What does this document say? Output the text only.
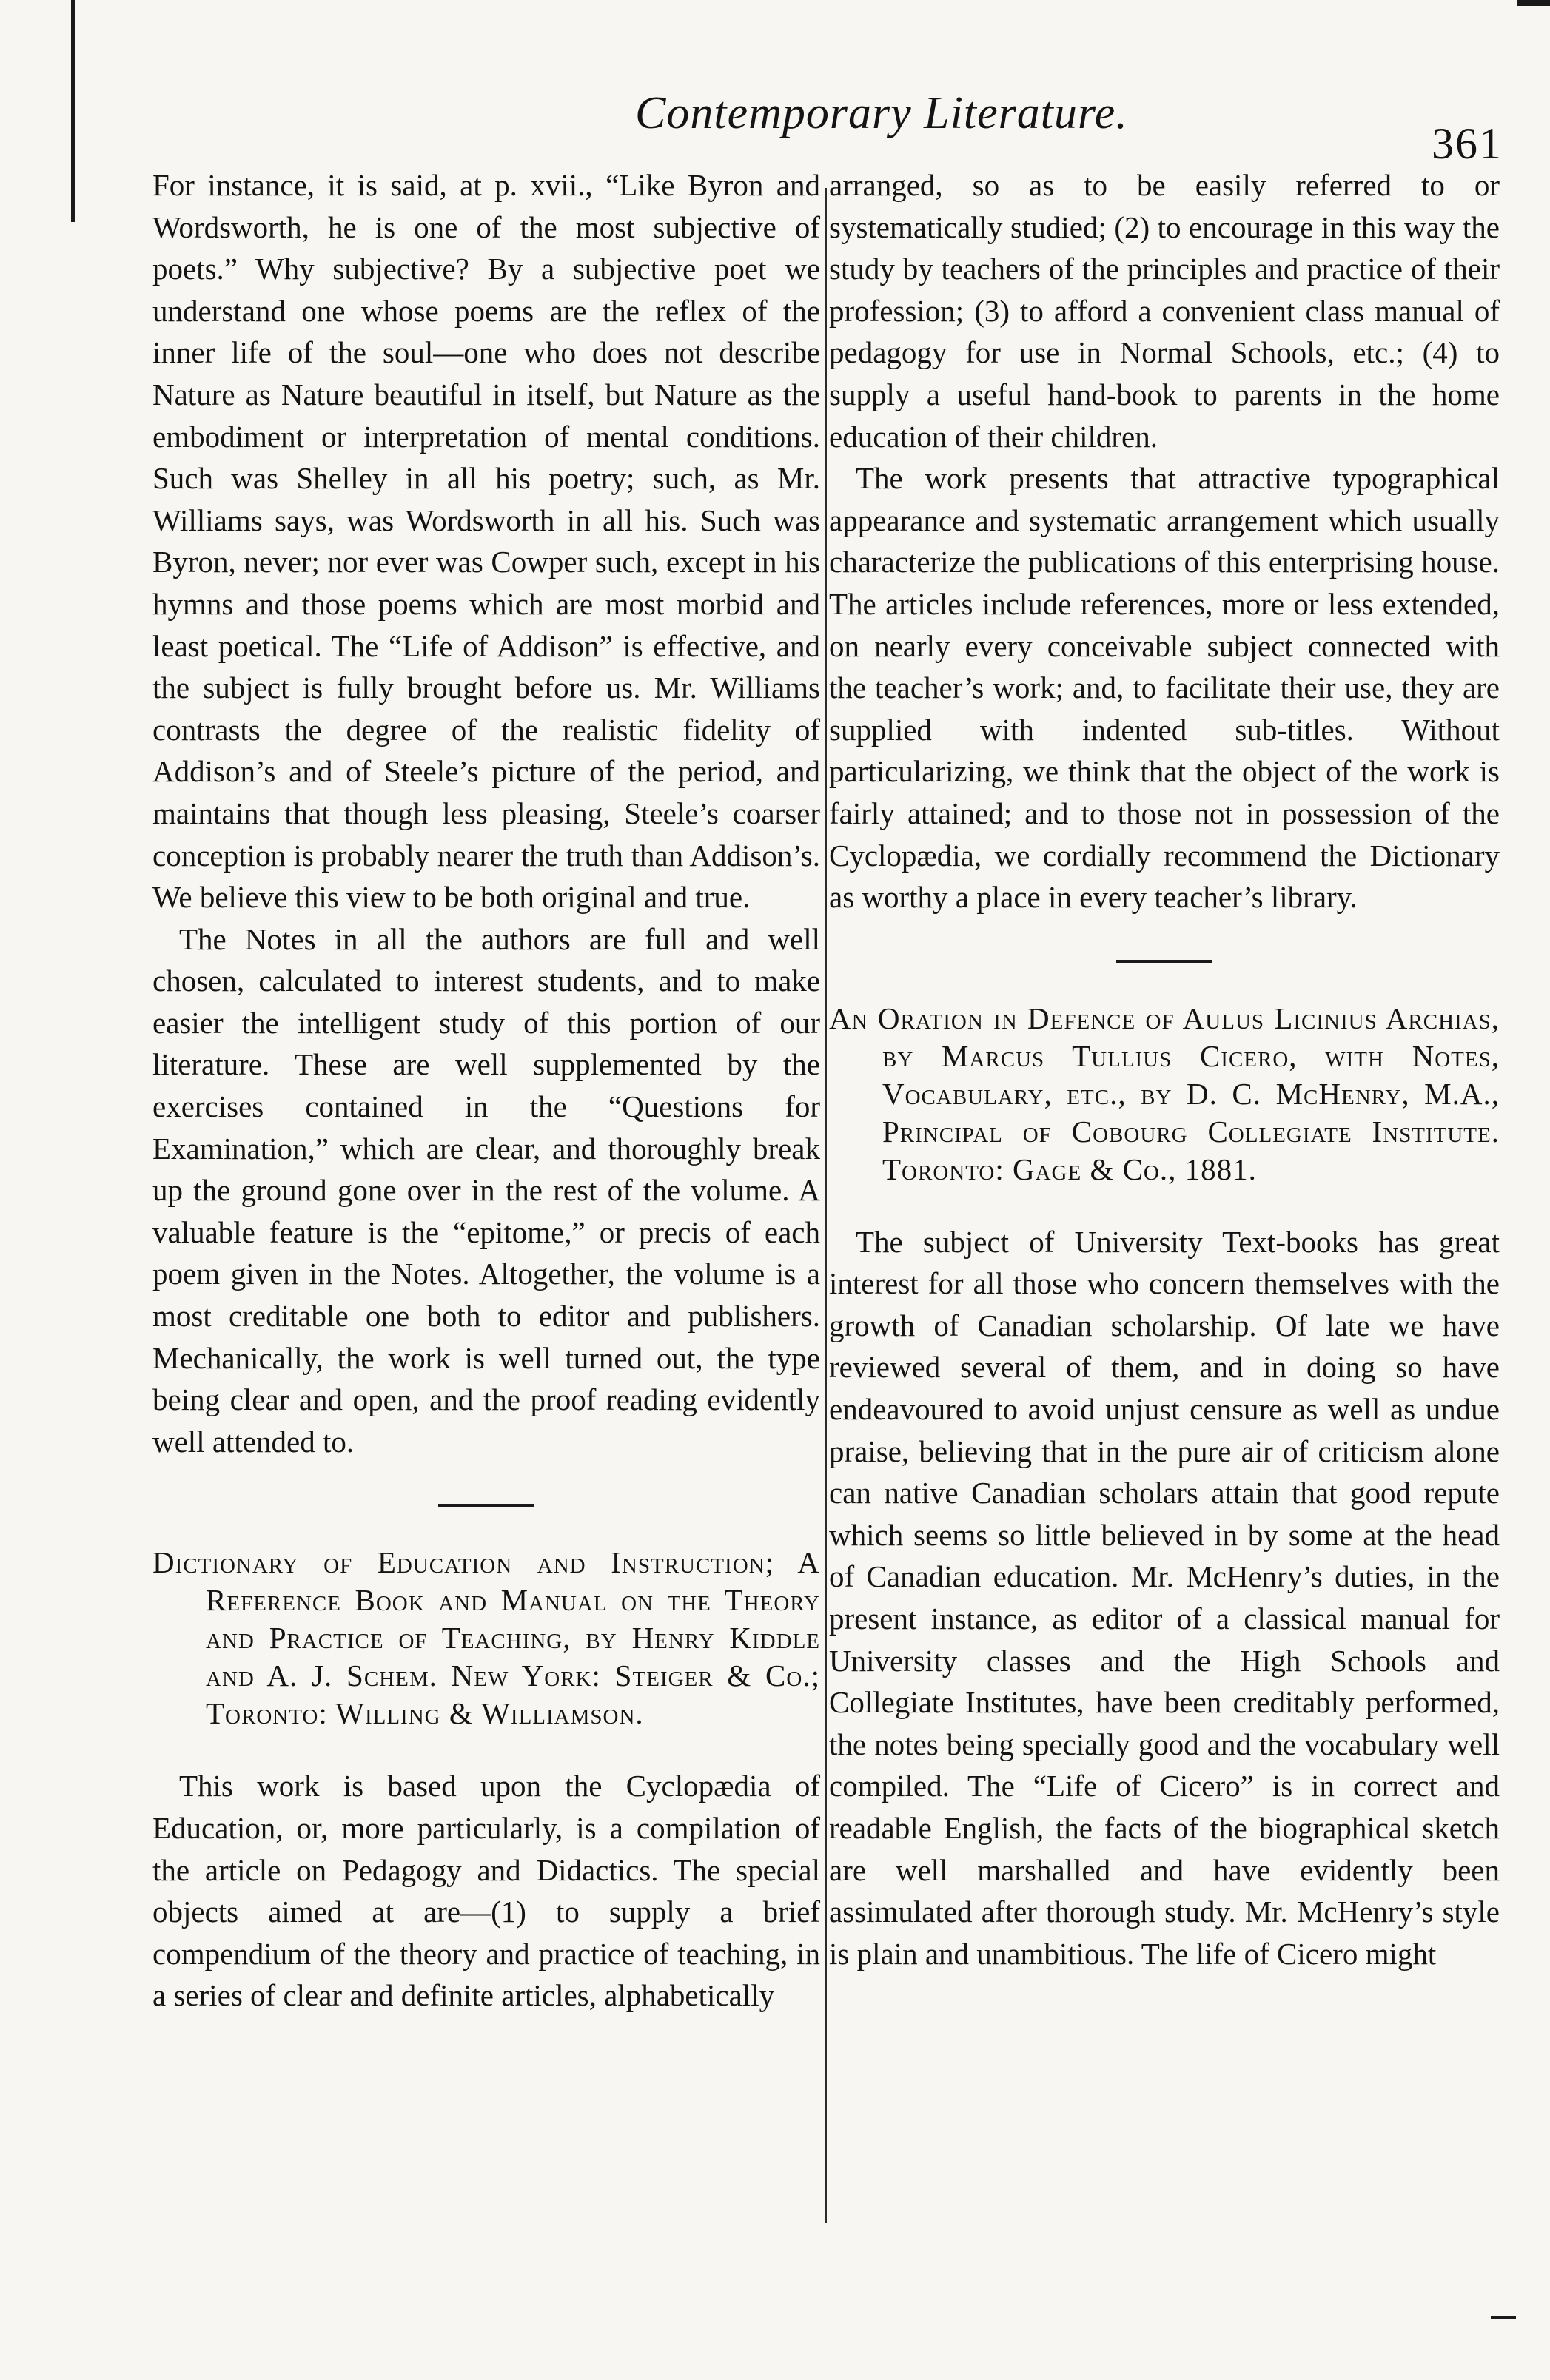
Contemporary Literature.
361

For instance, it is said, at p. xvii., “Like Byron and Wordsworth, he is one of the most subjective of poets.” Why subjective? By a subjective poet we understand one whose poems are the reflex of the inner life of the soul—one who does not describe Nature as Nature beautiful in itself, but Nature as the embodiment or interpretation of mental conditions. Such was Shelley in all his poetry; such, as Mr. Williams says, was Wordsworth in all his. Such was Byron, never; nor ever was Cowper such, except in his hymns and those poems which are most morbid and least poetical. The “Life of Addison” is effective, and the subject is fully brought before us. Mr. Williams contrasts the degree of the realistic fidelity of Addison’s and of Steele’s picture of the period, and maintains that though less pleasing, Steele’s coarser conception is probably nearer the truth than Addison’s. We believe this view to be both original and true.

The Notes in all the authors are full and well chosen, calculated to interest students, and to make easier the intelligent study of this portion of our literature. These are well supplemented by the exercises contained in the “Questions for Examination,” which are clear, and thoroughly break up the ground gone over in the rest of the volume. A valuable feature is the “epitome,” or precis of each poem given in the Notes. Altogether, the volume is a most creditable one both to editor and publishers. Mechanically, the work is well turned out, the type being clear and open, and the proof reading evidently well attended to.

Dictionary of Education and Instruction; A Reference Book and Manual on the Theory and Practice of Teaching, by Henry Kiddle and A. J. Schem. New York: Steiger & Co.; Toronto: Willing & Williamson.

This work is based upon the Cyclopædia of Education, or, more particularly, is a compilation of the article on Pedagogy and Didactics. The special objects aimed at are—(1) to supply a brief compendium of the theory and practice of teaching, in a series of clear and definite articles, alphabetically

arranged, so as to be easily referred to or systematically studied; (2) to encourage in this way the study by teachers of the principles and practice of their profession; (3) to afford a convenient class manual of pedagogy for use in Normal Schools, etc.; (4) to supply a useful hand-book to parents in the home education of their children.

The work presents that attractive typographical appearance and systematic arrangement which usually characterize the publications of this enterprising house. The articles include references, more or less extended, on nearly every conceivable subject connected with the teacher’s work; and, to facilitate their use, they are supplied with indented sub-titles. Without particularizing, we think that the object of the work is fairly attained; and to those not in possession of the Cyclopædia, we cordially recommend the Dictionary as worthy a place in every teacher’s library.

An Oration in Defence of Aulus Licinius Archias, by Marcus Tullius Cicero, with Notes, Vocabulary, etc., by D. C. McHenry, M.A., Principal of Cobourg Collegiate Institute. Toronto: Gage & Co., 1881.

The subject of University Text-books has great interest for all those who concern themselves with the growth of Canadian scholarship. Of late we have reviewed several of them, and in doing so have endeavoured to avoid unjust censure as well as undue praise, believing that in the pure air of criticism alone can native Canadian scholars attain that good repute which seems so little believed in by some at the head of Canadian education. Mr. McHenry’s duties, in the present instance, as editor of a classical manual for University classes and the High Schools and Collegiate Institutes, have been creditably performed, the notes being specially good and the vocabulary well compiled. The “Life of Cicero” is in correct and readable English, the facts of the biographical sketch are well marshalled and have evidently been assimulated after thorough study. Mr. McHenry’s style is plain and unambitious. The life of Cicero might
